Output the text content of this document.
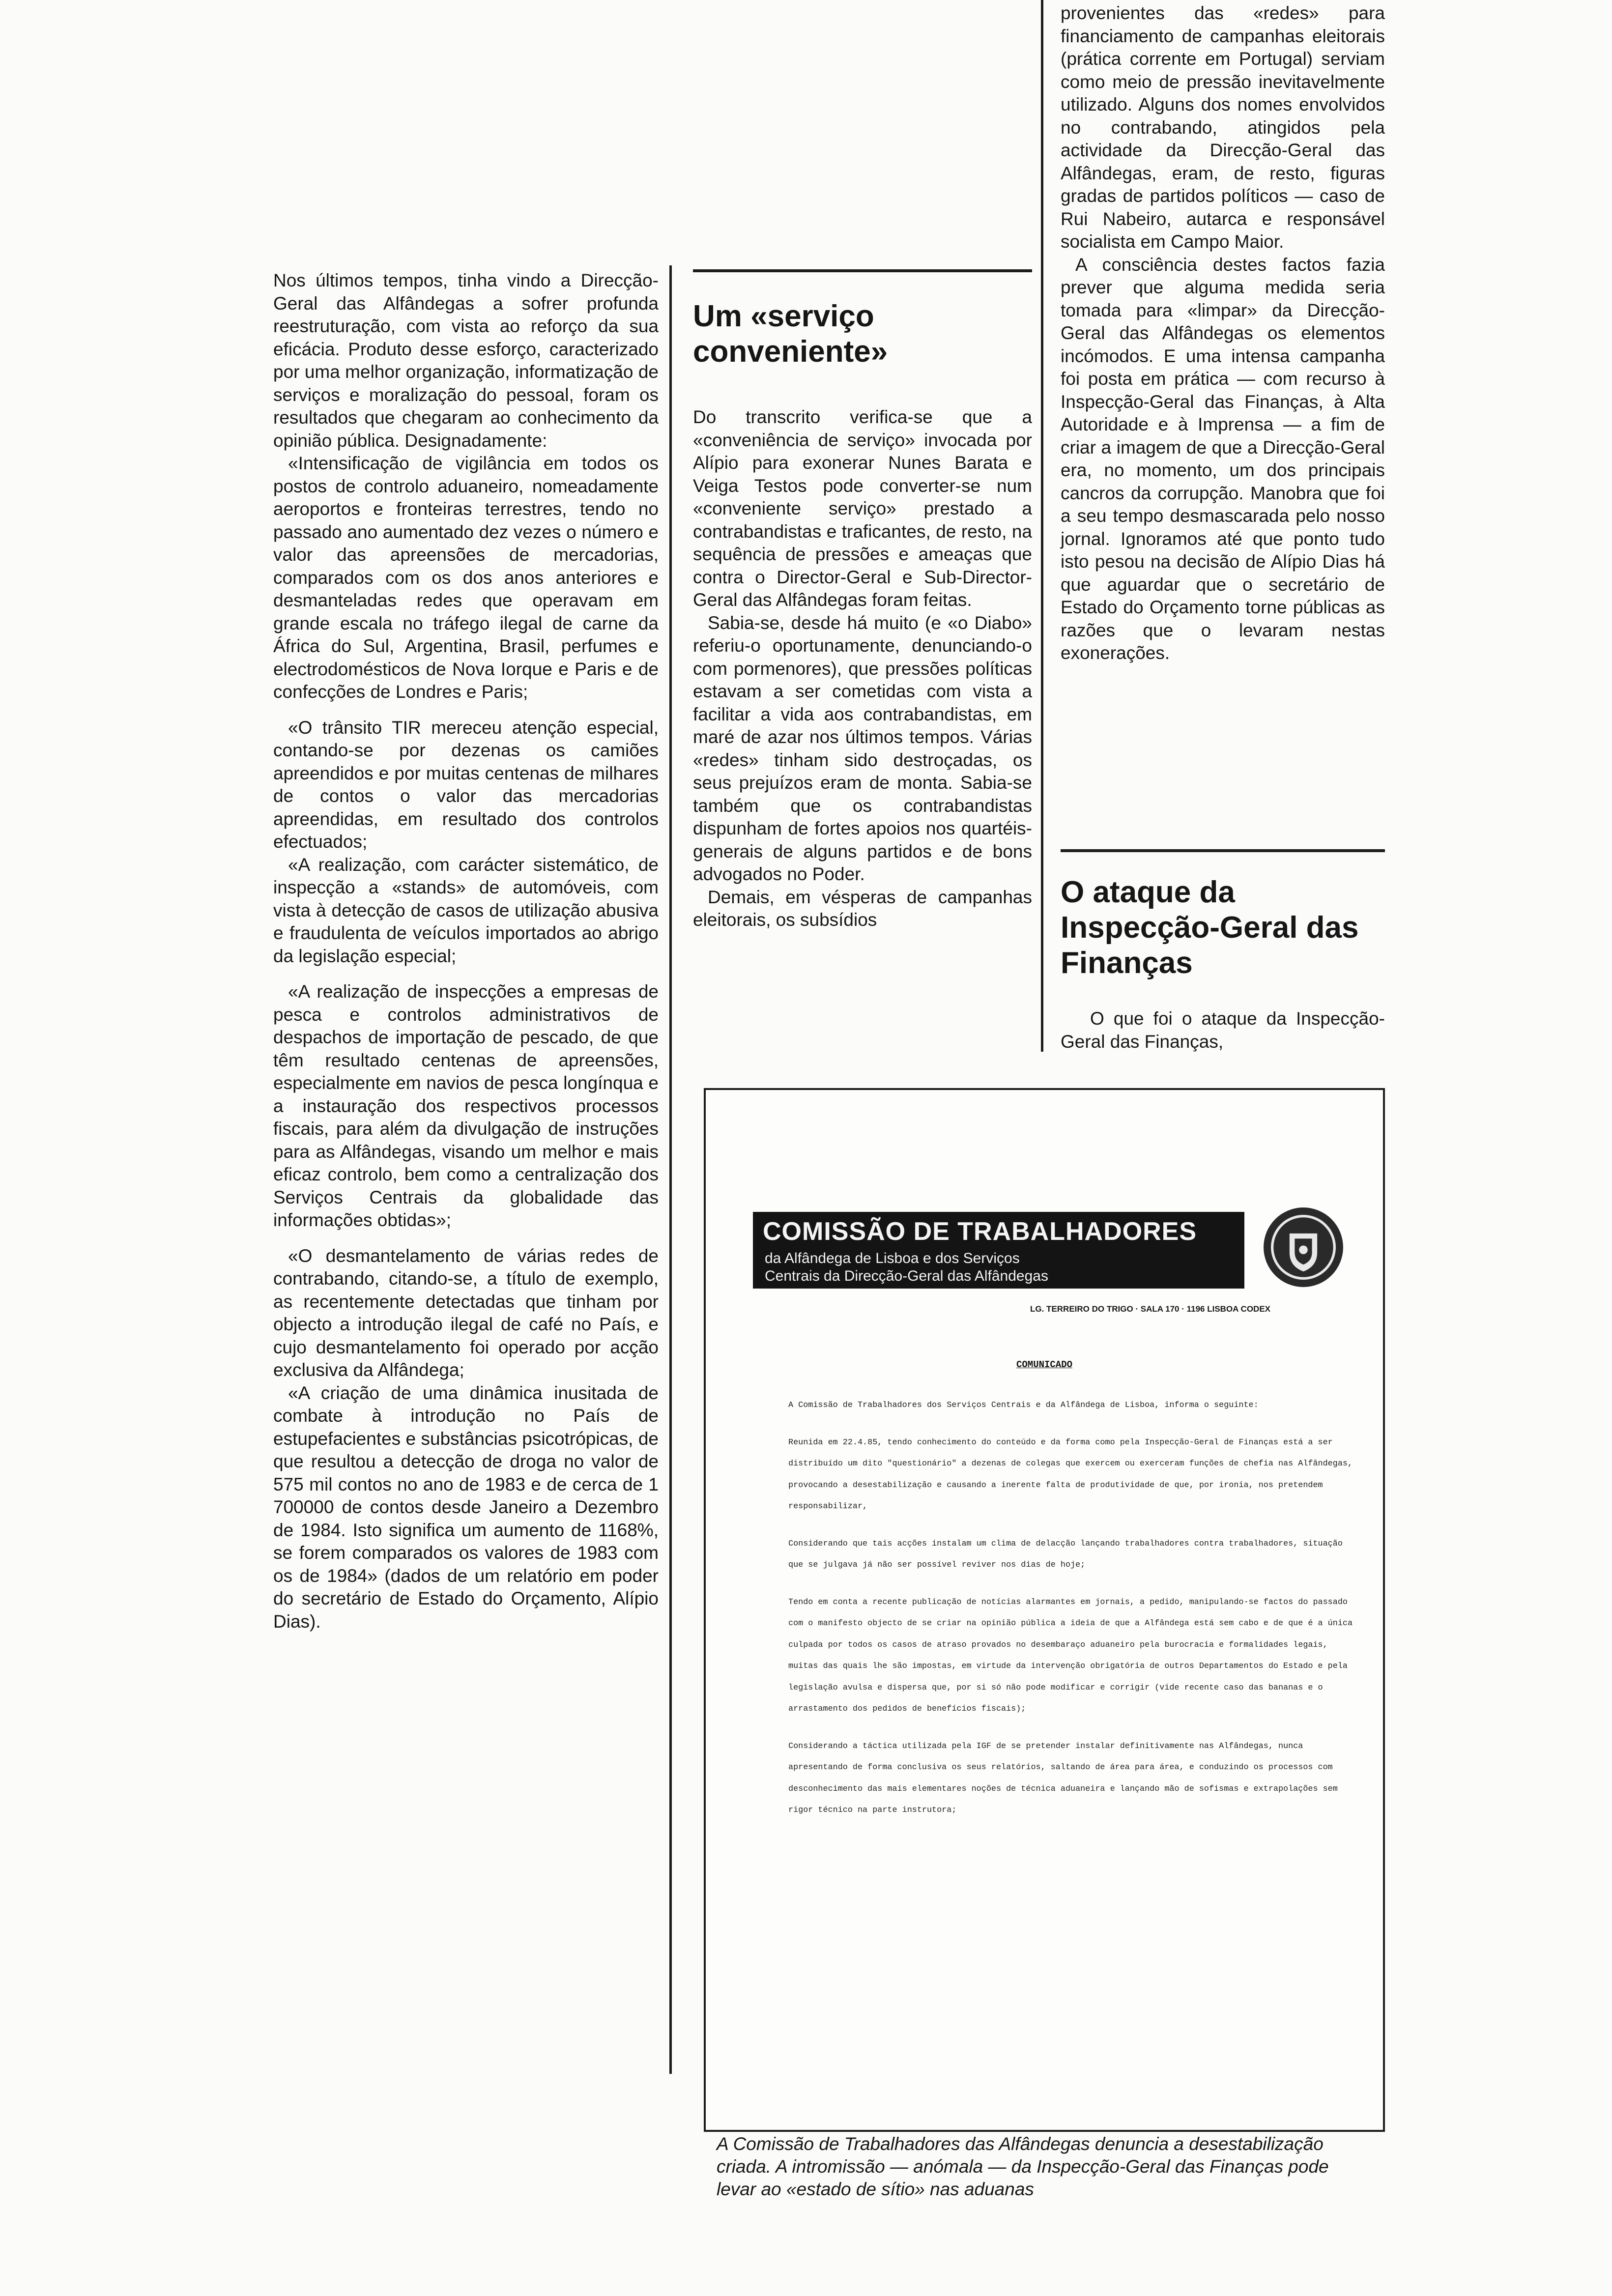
Nos últimos tempos, tinha vindo a Direcção-Geral das Alfândegas a sofrer profunda reestruturação, com vista ao reforço da sua eficácia. Produto desse esforço, caracterizado por uma melhor organização, informatização de serviços e moralização do pessoal, foram os resultados que chegaram ao conhecimento da opinião pública. Designadamente:

«Intensificação de vigilância em todos os postos de controlo aduaneiro, nomeadamente aeroportos e fronteiras terrestres, tendo no passado ano aumentado dez vezes o número e valor das apreensões de mercadorias, comparados com os dos anos anteriores e desmanteladas redes que operavam em grande escala no tráfego ilegal de carne da África do Sul, Argentina, Brasil, perfumes e electrodomésticos de Nova Iorque e Paris e de confecções de Londres e Paris;

«O trânsito TIR mereceu atenção especial, contando-se por dezenas os camiões apreendidos e por muitas centenas de milhares de contos o valor das mercadorias apreendidas, em resultado dos controlos efectuados;

«A realização, com carácter sistemático, de inspecção a «stands» de automóveis, com vista à detecção de casos de utilização abusiva e fraudulenta de veículos importados ao abrigo da legislação especial;

«A realização de inspecções a empresas de pesca e controlos administrativos de despachos de importação de pescado, de que têm resultado centenas de apreensões, especialmente em navios de pesca longínqua e a instauração dos respectivos processos fiscais, para além da divulgação de instruções para as Alfândegas, visando um melhor e mais eficaz controlo, bem como a centralização dos Serviços Centrais da globalidade das informações obtidas»;

«O desmantelamento de várias redes de contrabando, citando-se, a título de exemplo, as recentemente detectadas que tinham por objecto a introdução ilegal de café no País, e cujo desmantelamento foi operado por acção exclusiva da Alfândega;

«A criação de uma dinâmica inusitada de combate à introdução no País de estupefacientes e substâncias psicotrópicas, de que resultou a detecção de droga no valor de 575 mil contos no ano de 1983 e de cerca de 1 700000 de contos desde Janeiro a Dezembro de 1984. Isto significa um aumento de 1168%, se forem comparados os valores de 1983 com os de 1984» (dados de um relatório em poder do secretário de Estado do Orçamento, Alípio Dias).

Um «serviço conveniente»

Do transcrito verifica-se que a «conveniência de serviço» invocada por Alípio para exonerar Nunes Barata e Veiga Testos pode converter-se num «conveniente serviço» prestado a contrabandistas e traficantes, de resto, na sequência de pressões e ameaças que contra o Director-Geral e Sub-Director-Geral das Alfândegas foram feitas.

Sabia-se, desde há muito (e «o Diabo» referiu-o oportunamente, denunciando-o com pormenores), que pressões políticas estavam a ser cometidas com vista a facilitar a vida aos contrabandistas, em maré de azar nos últimos tempos. Várias «redes» tinham sido destroçadas, os seus prejuízos eram de monta. Sabia-se também que os contrabandistas dispunham de fortes apoios nos quartéis-generais de alguns partidos e de bons advogados no Poder.

Demais, em vésperas de campanhas eleitorais, os subsídios

provenientes das «redes» para financiamento de campanhas eleitorais (prática corrente em Portugal) serviam como meio de pressão inevitavelmente utilizado. Alguns dos nomes envolvidos no contrabando, atingidos pela actividade da Direcção-Geral das Alfândegas, eram, de resto, figuras gradas de partidos políticos — caso de Rui Nabeiro, autarca e responsável socialista em Campo Maior.

A consciência destes factos fazia prever que alguma medida seria tomada para «limpar» da Direcção-Geral das Alfândegas os elementos incómodos. E uma intensa campanha foi posta em prática — com recurso à Inspecção-Geral das Finanças, à Alta Autoridade e à Imprensa — a fim de criar a imagem de que a Direcção-Geral era, no momento, um dos principais cancros da corrupção. Manobra que foi a seu tempo desmascarada pelo nosso jornal. Ignoramos até que ponto tudo isto pesou na decisão de Alípio Dias há que aguardar que o secretário de Estado do Orçamento torne públicas as razões que o levaram nestas exonerações.

O ataque da Inspecção-Geral das Finanças

O que foi o ataque da Inspecção-Geral das Finanças,

COMISSÃO DE TRABALHADORES
da Alfândega de Lisboa e dos Serviços
Centrais da Direcção-Geral das Alfândegas
LG. TERREIRO DO TRIGO · SALA 170 · 1196 LISBOA CODEX
COMUNICADO

A Comissão de Trabalhadores dos Serviços Centrais e da Alfândega de Lisboa, informa o seguinte:

Reunida em 22.4.85, tendo conhecimento do conteúdo e da forma como pela Inspecção-Geral de Finanças está a ser distribuído um dito "questionário" a dezenas de colegas que exercem ou exerceram funções de chefia nas Alfândegas, provocando a desestabilização e causando a inerente falta de produtividade de que, por ironia, nos pretendem responsabilizar,

Considerando que tais acções instalam um clima de delacção lançando trabalhadores contra trabalhadores, situação que se julgava já não ser possível reviver nos dias de hoje;

Tendo em conta a recente publicação de notícias alarmantes em jornais, a pedido, manipulando-se factos do passado com o manifesto objecto de se criar na opinião pública a ideia de que a Alfândega está sem cabo e de que é a única culpada por todos os casos de atraso provados no desembaraço aduaneiro pela burocracia e formalidades legais, muitas das quais lhe são impostas, em virtude da intervenção obrigatória de outros Departamentos do Estado e pela legislação avulsa e dispersa que, por si só não pode modificar e corrigir (vide recente caso das bananas e o arrastamento dos pedidos de benefícios fiscais);

Considerando a táctica utilizada pela IGF de se pretender instalar definitivamente nas Alfândegas, nunca apresentando de forma conclusiva os seus relatórios, saltando de área para área, e conduzindo os processos com desconhecimento das mais elementares noções de técnica aduaneira e lançando mão de sofismas e extrapolações sem rigor técnico na parte instrutora;

A Comissão de Trabalhadores das Alfândegas denuncia a desestabilização criada. A intromissão — anómala — da Inspecção-Geral das Finanças pode levar ao «estado de sítio» nas aduanas
